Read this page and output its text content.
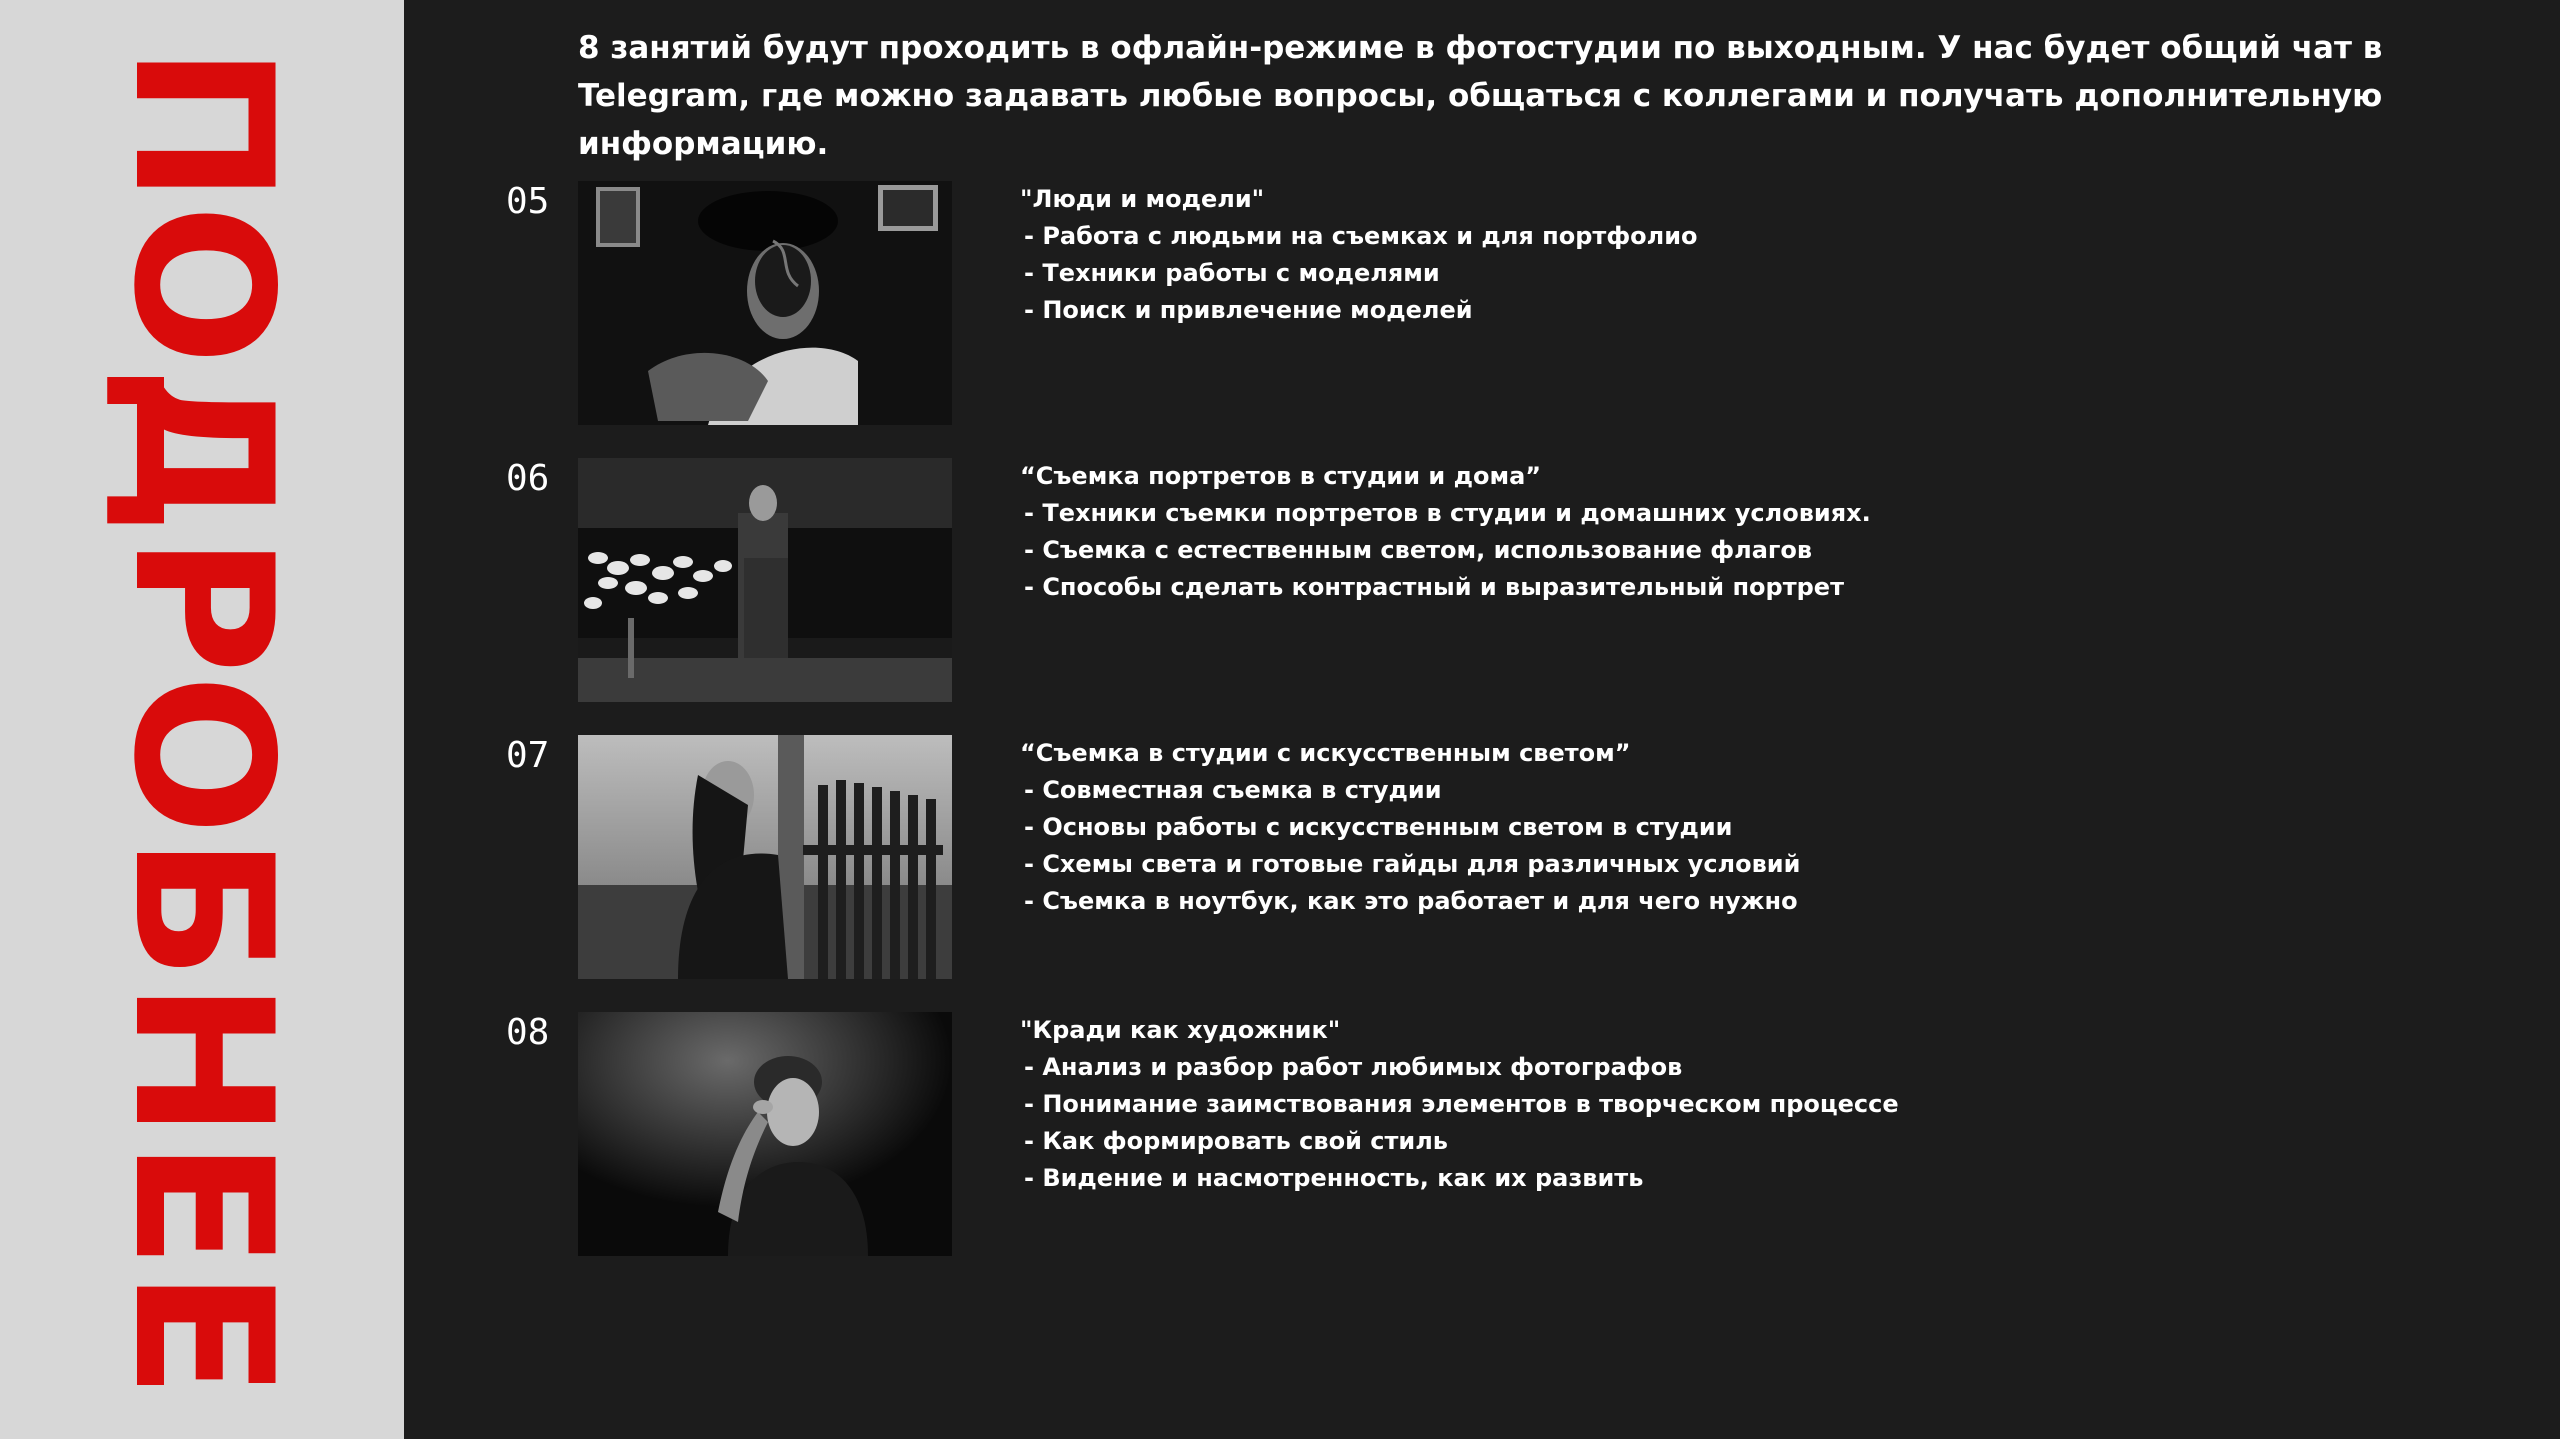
ПОДРОБНЕЕ	8 занятий будут проходить в офлайн-режиме в фотостудии по выходным. У нас будет общий чат в Telegram, где можно задавать любые вопросы, общаться с коллегами и получать дополнительную информацию.
05	"Люди и модели"
- Работа с людьми на съемках и для портфолио
- Техники работы с моделями
- Поиск и привлечение моделей
06	“Съемка портретов в студии и дома”
- Техники съемки портретов в студии и домашних условиях.
- Съемка с естественным светом, использование флагов
- Способы сделать контрастный и выразительный портрет
07	“Съемка в студии с искусственным светом”
- Совместная съемка в студии
- Основы работы с искусственным светом в студии
- Схемы света и готовые гайды для различных условий
- Съемка в ноутбук, как это работает и для чего нужно
08	"Кради как художник"
- Анализ и разбор работ любимых фотографов
- Понимание заимствования элементов в творческом процессе
- Как формировать свой стиль
- Видение и насмотренность, как их развить
